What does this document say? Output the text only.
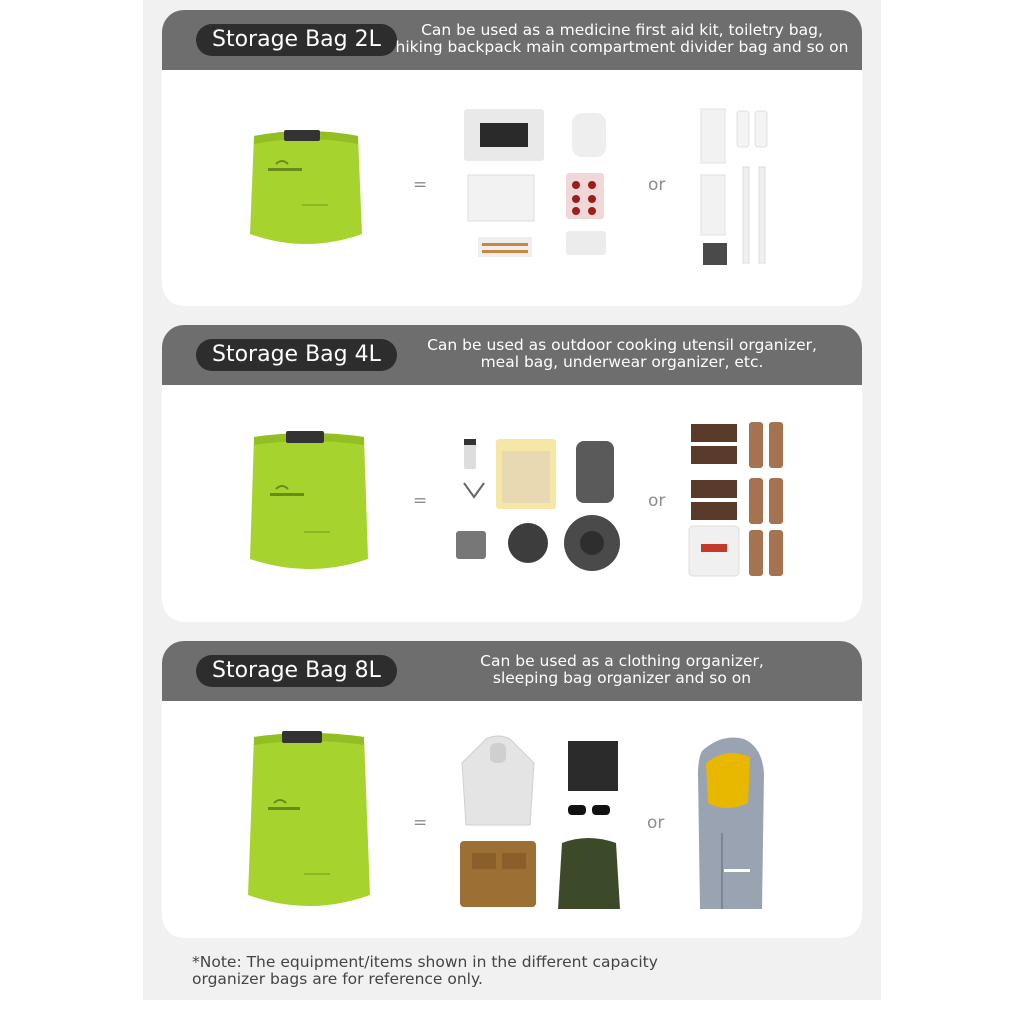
Storage Bag 2L	Can be used as a medicine first aid kit, toiletry bag,
hiking backpack main compartment divider bag and so on
=	or
Storage Bag 4L	Can be used as outdoor cooking utensil organizer,
meal bag, underwear organizer, etc.
=	or
Storage Bag 8L	Can be used as a clothing organizer,
sleeping bag organizer and so on
=	or
*Note: The equipment/items shown in the different capacity
organizer bags are for reference only.
